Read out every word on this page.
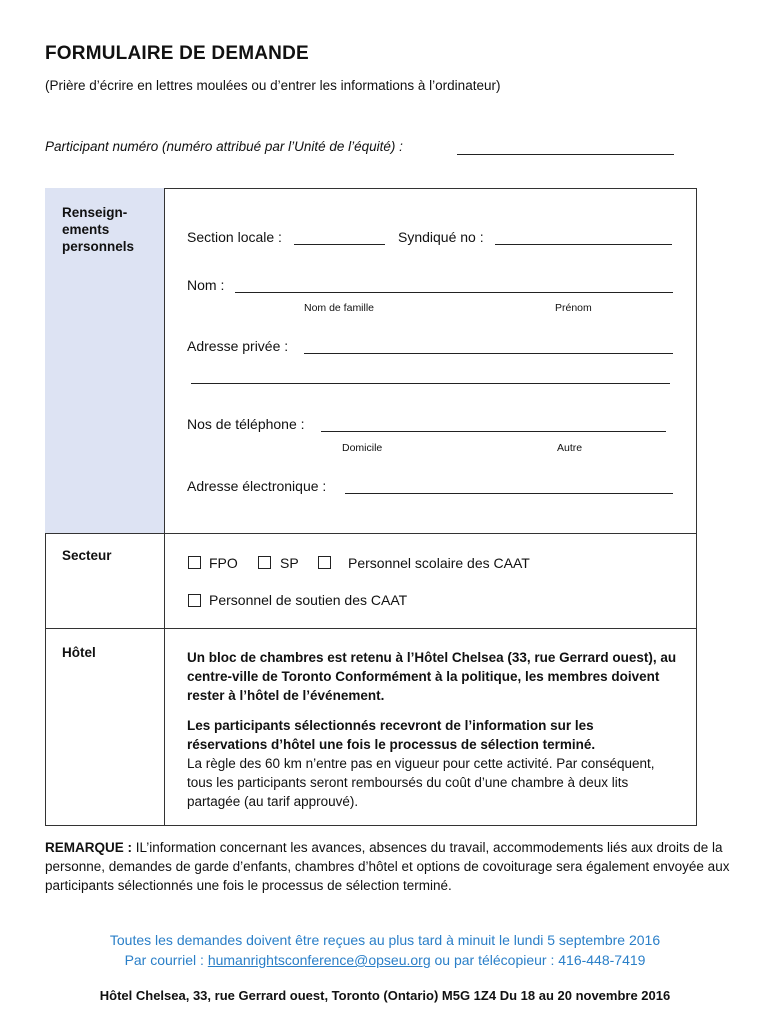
FORMULAIRE DE DEMANDE
(Prière d’écrire en lettres moulées ou d’entrer les informations à l’ordinateur)
Participant numéro (numéro attribué par l’Unité de l’équité) :
Renseign-
ements
personnels
Section locale :	Syndiqué no :
Nom :
Nom de famille	Prénom
Adresse privée :
Nos de téléphone :
Domicile	Autre
Adresse électronique :
Secteur	FPO	SP	Personnel scolaire des CAAT
Personnel de soutien des CAAT
Hôtel	Un bloc de chambres est retenu à l’Hôtel Chelsea (33, rue Gerrard ouest), au centre-ville de Toronto Conformément à la politique, les membres doivent rester à l’hôtel de l’événement.
Les participants sélectionnés recevront de l’information sur les réservations d’hôtel une fois le processus de sélection terminé.
La règle des 60 km n’entre pas en vigueur pour cette activité. Par conséquent, tous les participants seront remboursés du coût d’une chambre à deux lits partagée (au tarif approuvé).
REMARQUE : IL’information concernant les avances, absences du travail, accommodements liés aux droits de la personne, demandes de garde d’enfants, chambres d’hôtel et options de covoiturage sera également envoyée aux participants sélectionnés une fois le processus de sélection terminé.
Toutes les demandes doivent être reçues au plus tard à minuit le lundi 5 septembre 2016
Par courriel : humanrightsconference@opseu.org ou par télécopieur : 416-448-7419
Hôtel Chelsea, 33, rue Gerrard ouest, Toronto (Ontario) M5G 1Z4 Du 18 au 20 novembre 2016
